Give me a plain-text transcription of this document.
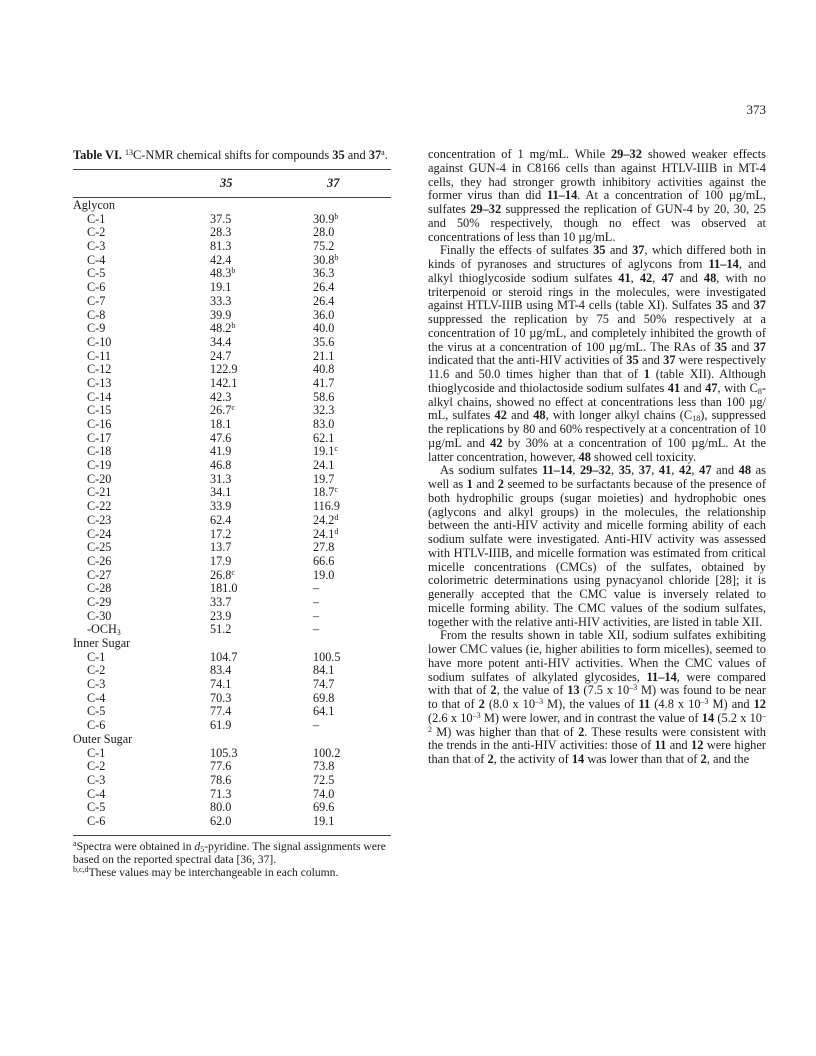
373
Table VI. $^{13}$C-NMR chemical shifts for compounds 35 and 37$^a$.
35	37
Aglycon
C-1	37.5	30.9$^b$
C-2	28.3	28.0
C-3	81.3	75.2
C-4	42.4	30.8$^b$
C-5	48.3$^b$	36.3
C-6	19.1	26.4
C-7	33.3	26.4
C-8	39.9	36.0
C-9	48.2$^b$	40.0
C-10	34.4	35.6
C-11	24.7	21.1
C-12	122.9	40.8
C-13	142.1	41.7
C-14	42.3	58.6
C-15	26.7$^c$	32.3
C-16	18.1	83.0
C-17	47.6	62.1
C-18	41.9	19.1$^c$
C-19	46.8	24.1
C-20	31.3	19.7
C-21	34.1	18.7$^c$
C-22	33.9	116.9
C-23	62.4	24.2$^d$
C-24	17.2	24.1$^d$
C-25	13.7	27.8
C-26	17.9	66.6
C-27	26.8$^c$	19.0
C-28	181.0	–
C-29	33.7	–
C-30	23.9	–
$-OCH_3$	51.2	–
Inner Sugar
C-1	104.7	100.5
C-2	83.4	84.1
C-3	74.1	74.7
C-4	70.3	69.8
C-5	77.4	64.1
C-6	61.9	–
Outer Sugar
C-1	105.3	100.2
C-2	77.6	73.8
C-3	78.6	72.5
C-4	71.3	74.0
C-5	80.0	69.6
C-6	62.0	19.1
$^a$Spectra were obtained in $d_5$-pyridine. The signal assignments were based on the reported spectral data [36, 37].
$^{b,c,d}$These values may be interchangeable in each column.

concentration of 1 mg/mL. While 29–32 showed weaker effects against GUN-4 in C8166 cells than against HTLV-IIIB in MT-4 cells, they had stronger growth inhibitory activities against the former virus than did 11–14. At a concentration of 100 µg/mL, sulfates 29–32 suppressed the replication of GUN-4 by 20, 30, 25 and 50% respectively, though no effect was observed at concentrations of less than 10 µg/mL.

Finally the effects of sulfates 35 and 37, which differed both in kinds of pyranoses and structures of aglycons from 11–14, and alkyl thioglycoside sodium sulfates 41, 42, 47 and 48, with no triterpenoid or steroid rings in the molecules, were investigated against HTLV-IIIB using MT-4 cells (table XI). Sulfates 35 and 37 suppressed the replication by 75 and 50% respectively at a concentration of 10 µg/mL, and completely inhibited the growth of the virus at a concentration of 100 µg/mL. The RAs of 35 and 37 indicated that the anti-HIV activities of 35 and 37 were respectively 11.6 and 50.0 times higher than that of 1 (table XII). Although thioglycoside and thiolactoside sodium sulfates 41 and 47, with $C_8$-alkyl chains, showed no effect at concentrations less than 100 µg/ mL, sulfates 42 and 48, with longer alkyl chains $(C_{18})$, suppressed the replications by 80 and 60% respectively at a concentration of 10 µg/mL and 42 by 30% at a concentration of 100 µg/mL. At the latter concentration, however, 48 showed cell toxicity.

As sodium sulfates 11–14, 29–32, 35, 37, 41, 42, 47 and 48 as well as 1 and 2 seemed to be surfactants because of the presence of both hydrophilic groups (sugar moieties) and hydrophobic ones (aglycons and alkyl groups) in the molecules, the relationship between the anti-HIV activity and micelle forming ability of each sodium sulfate were investigated. Anti-HIV activity was assessed with HTLV-IIIB, and micelle formation was estimated from critical micelle concentrations (CMCs) of the sulfates, obtained by colorimetric determinations using pynacyanol chloride [28]; it is generally accepted that the CMC value is inversely related to micelle forming ability. The CMC values of the sodium sulfates, together with the relative anti-HIV activities, are listed in table XII.

From the results shown in table XII, sodium sulfates exhibiting lower CMC values (ie, higher abilities to form micelles), seemed to have more potent anti-HIV activities. When the CMC values of sodium sulfates of alkylated glycosides, 11–14, were compared with that of 2, the value of 13 (7.5 x $10^{-3}$ M) was found to be near to that of 2 (8.0 x $10^{-3}$ M), the values of 11 (4.8 x $10^{-3}$ M) and 12 (2.6 x $10^{-3}$ M) were lower, and in contrast the value of 14 (5.2 x $10^{-2}$ M) was higher than that of 2. These results were consistent with the trends in the anti-HIV activities: those of 11 and 12 were higher than that of 2, the activity of 14 was lower than that of 2, and the
